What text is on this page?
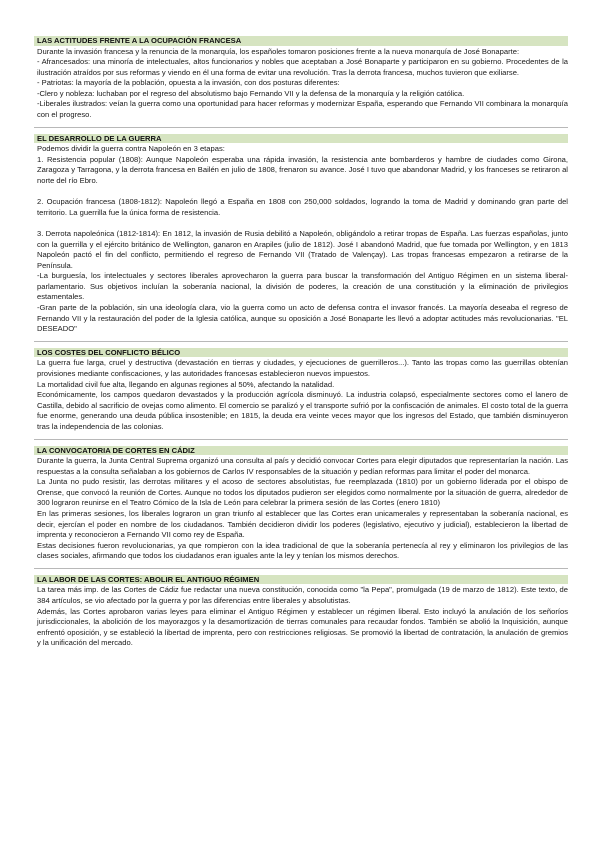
LAS ACTITUDES FRENTE A LA OCUPACIÓN FRANCESA

Durante la invasión francesa y la renuncia de la monarquía, los españoles tomaron posiciones frente a la nueva monarquía de José Bonaparte:

- Afrancesados: una minoría de intelectuales, altos funcionarios y nobles que aceptaban a José Bonaparte y participaron en su gobierno. Procedentes de la ilustración atraídos por sus reformas y viendo en él una forma de evitar una revolución. Tras la derrota francesa, muchos tuvieron que exiliarse.

- Patriotas: la mayoría de la población, opuesta a la invasión, con dos posturas diferentes:

-Clero y nobleza: luchaban por el regreso del absolutismo bajo Fernando VII y la defensa de la monarquía y la religión católica.

-Liberales ilustrados: veían la guerra como una oportunidad para hacer reformas y modernizar España, esperando que Fernando VII combinara la monarquía con el progreso.

EL DESARROLLO DE LA GUERRA

Podemos dividir la guerra contra Napoleón en 3 etapas:

1. Resistencia popular (1808): Aunque Napoleón esperaba una rápida invasión, la resistencia ante bombarderos y hambre de ciudades como Girona, Zaragoza y Tarragona, y la derrota francesa en Bailén en julio de 1808, frenaron su avance. José I tuvo que abandonar Madrid, y los franceses se retiraron al norte del río Ebro.

2. Ocupación francesa (1808-1812): Napoleón llegó a España en 1808 con 250,000 soldados, logrando la toma de Madrid y dominando gran parte del territorio. La guerrilla fue la única forma de resistencia.

3. Derrota napoleónica (1812-1814): En 1812, la invasión de Rusia debilitó a Napoleón, obligándolo a retirar tropas de España. Las fuerzas españolas, junto con la guerrilla y el ejército británico de Wellington, ganaron en Arapiles (julio de 1812). José I abandonó Madrid, que fue tomada por Wellington, y en 1813 Napoleón pactó el fin del conflicto, permitiendo el regreso de Fernando VII (Tratado de Valençay). Las tropas francesas empezaron a retirarse de la Península.

-La burguesía, los intelectuales y sectores liberales aprovecharon la guerra para buscar la transformación del Antiguo Régimen en un sistema liberal-parlamentario. Sus objetivos incluían la soberanía nacional, la división de poderes, la creación de una constitución y la eliminación de privilegios estamentales.

-Gran parte de la población, sin una ideología clara, vio la guerra como un acto de defensa contra el invasor francés. La mayoría deseaba el regreso de Fernando VII y la restauración del poder de la Iglesia católica, aunque su oposición a José Bonaparte les llevó a adoptar actitudes más revolucionarias. "EL DESEADO"

LOS COSTES DEL CONFLICTO BÉLICO

La guerra fue larga, cruel y destructiva (devastación en tierras y ciudades, y ejecuciones de guerrilleros...). Tanto las tropas como las guerrillas obtenían provisiones mediante confiscaciones, y las autoridades francesas establecieron nuevos impuestos.

La mortalidad civil fue alta, llegando en algunas regiones al 50%, afectando la natalidad.

Económicamente, los campos quedaron devastados y la producción agrícola disminuyó. La industria colapsó, especialmente sectores como el lanero de Castilla, debido al sacrificio de ovejas como alimento. El comercio se paralizó y el transporte sufrió por la confiscación de animales. El costo total de la guerra fue enorme, generando una deuda pública insostenible; en 1815, la deuda era veinte veces mayor que los ingresos del Estado, que también disminuyeron tras la independencia de las colonias.

LA CONVOCATORIA DE CORTES EN CÁDIZ

Durante la guerra, la Junta Central Suprema organizó una consulta al país y decidió convocar Cortes para elegir diputados que representarían la nación. Las respuestas a la consulta señalaban a los gobiernos de Carlos IV responsables de la situación y pedían reformas para limitar el poder del monarca.

La Junta no pudo resistir, las derrotas militares y el acoso de sectores absolutistas, fue reemplazada (1810) por un gobierno liderada por el obispo de Orense, que convocó la reunión de Cortes. Aunque no todos los diputados pudieron ser elegidos como normalmente por la situación de guerra, alrededor de 300 lograron reunirse en el Teatro Cómico de la Isla de León para celebrar la primera sesión de las Cortes (enero 1810)

En las primeras sesiones, los liberales lograron un gran triunfo al establecer que las Cortes eran unicamerales y representaban la soberanía nacional, es decir, ejercían el poder en nombre de los ciudadanos. También decidieron dividir los poderes (legislativo, ejecutivo y judicial), establecieron la libertad de imprenta y reconocieron a Fernando VII como rey de España.

Estas decisiones fueron revolucionarias, ya que rompieron con la idea tradicional de que la soberanía pertenecía al rey y eliminaron los privilegios de las clases sociales, afirmando que todos los ciudadanos eran iguales ante la ley y tenían los mismos derechos.

LA LABOR DE LAS CORTES: ABOLIR EL ANTIGUO RÉGIMEN

La tarea más imp. de las Cortes de Cádiz fue redactar una nueva constitución, conocida como "la Pepa", promulgada (19 de marzo de 1812). Este texto, de 384 artículos, se vio afectado por la guerra y por las diferencias entre liberales y absolutistas.

Además, las Cortes aprobaron varias leyes para eliminar el Antiguo Régimen y establecer un régimen liberal. Esto incluyó la anulación de los señoríos jurisdiccionales, la abolición de los mayorazgos y la desamortización de tierras comunales para recaudar fondos. También se abolió la Inquisición, aunque enfrentó oposición, y se estableció la libertad de imprenta, pero con restricciones religiosas. Se promovió la libertad de contratación, la anulación de gremios y la unificación del mercado.
